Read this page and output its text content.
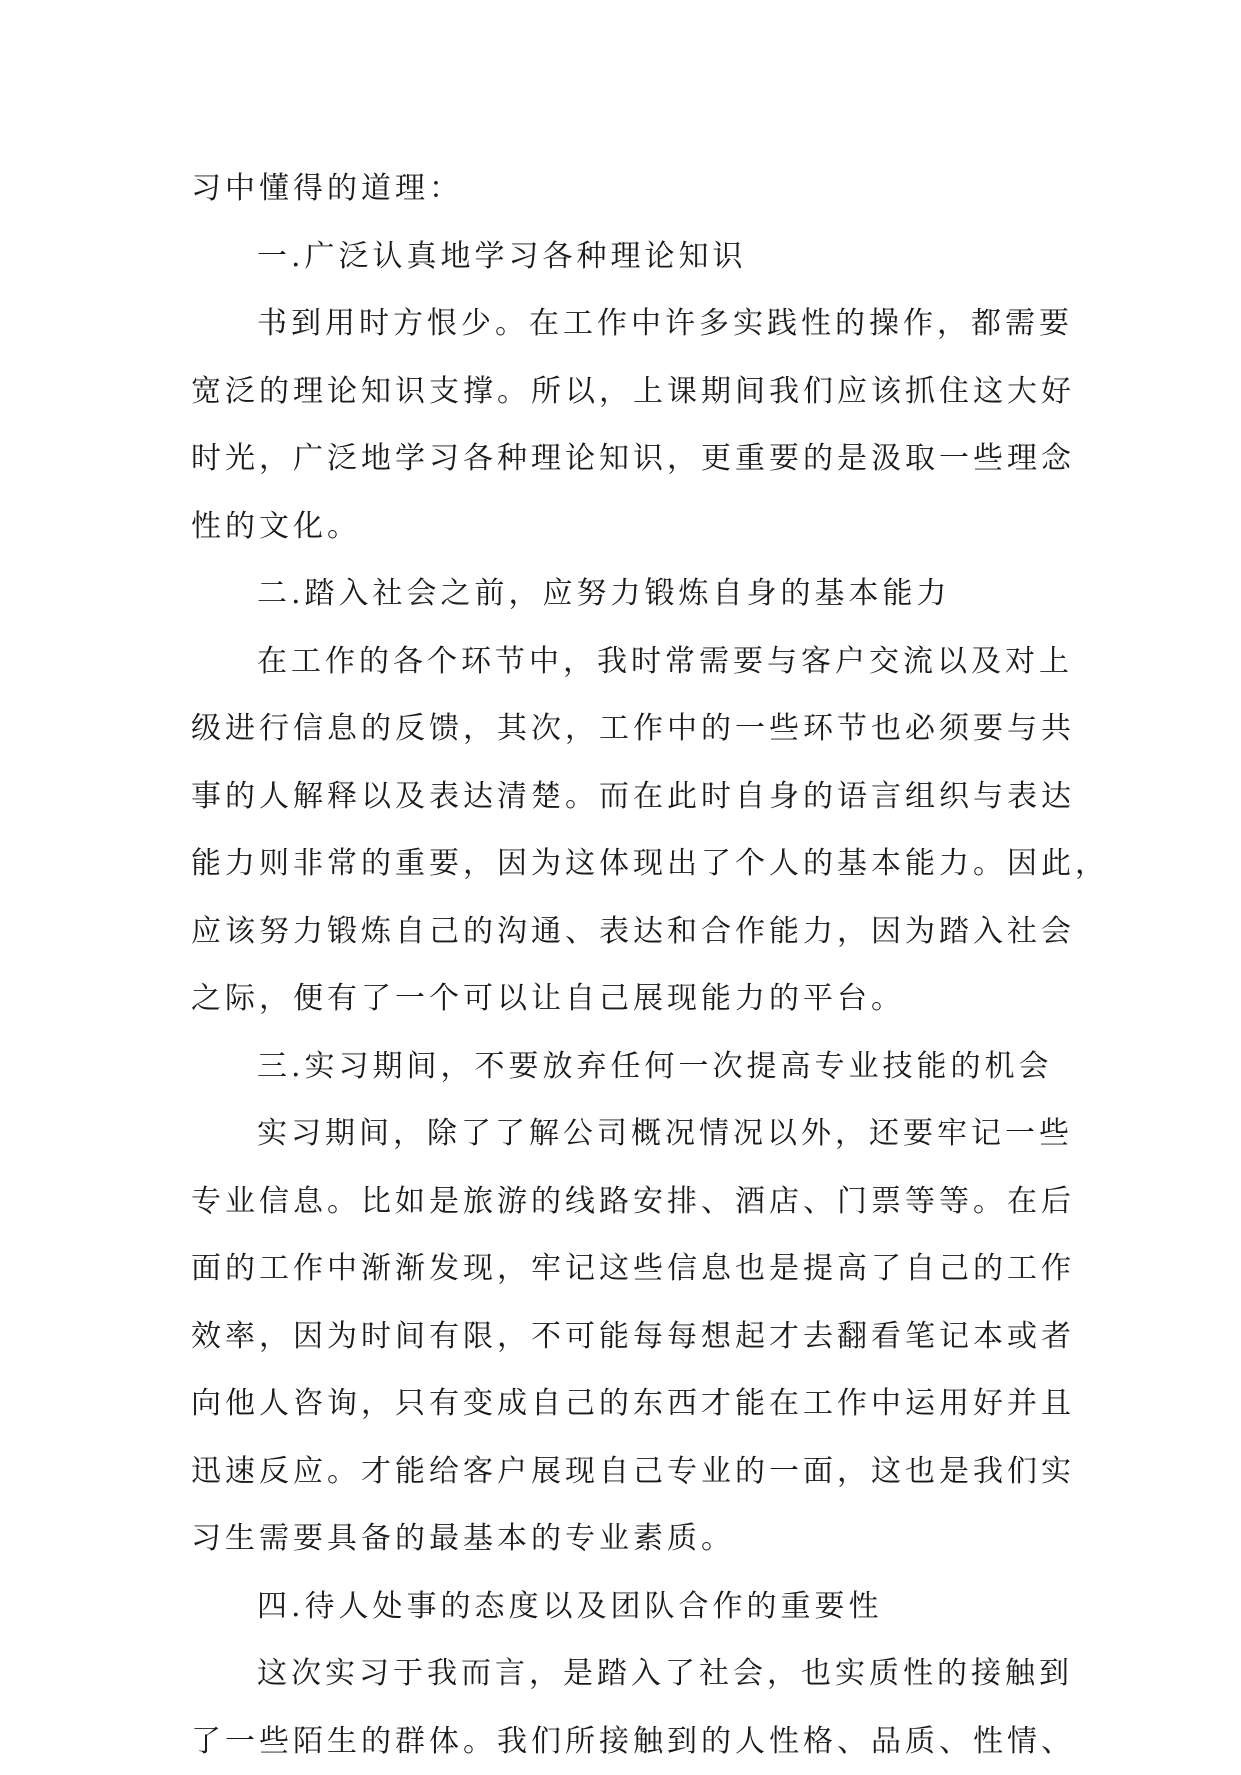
习中懂得的道理：
一.广泛认真地学习各种理论知识
书到用时方恨少。在工作中许多实践性的操作，都需要
宽泛的理论知识支撑。所以，上课期间我们应该抓住这大好
时光，广泛地学习各种理论知识，更重要的是汲取一些理念
性的文化。
二.踏入社会之前，应努力锻炼自身的基本能力
在工作的各个环节中，我时常需要与客户交流以及对上
级进行信息的反馈，其次，工作中的一些环节也必须要与共
事的人解释以及表达清楚。而在此时自身的语言组织与表达
能力则非常的重要，因为这体现出了个人的基本能力。因此，
应该努力锻炼自己的沟通、表达和合作能力，因为踏入社会
之际，便有了一个可以让自己展现能力的平台。
三.实习期间，不要放弃任何一次提高专业技能的机会
实习期间，除了了解公司概况情况以外，还要牢记一些
专业信息。比如是旅游的线路安排、酒店、门票等等。在后
面的工作中渐渐发现，牢记这些信息也是提高了自己的工作
效率，因为时间有限，不可能每每想起才去翻看笔记本或者
向他人咨询，只有变成自己的东西才能在工作中运用好并且
迅速反应。才能给客户展现自己专业的一面，这也是我们实
习生需要具备的最基本的专业素质。
四.待人处事的态度以及团队合作的重要性
这次实习于我而言，是踏入了社会，也实质性的接触到
了一些陌生的群体。我们所接触到的人性格、品质、性情、
